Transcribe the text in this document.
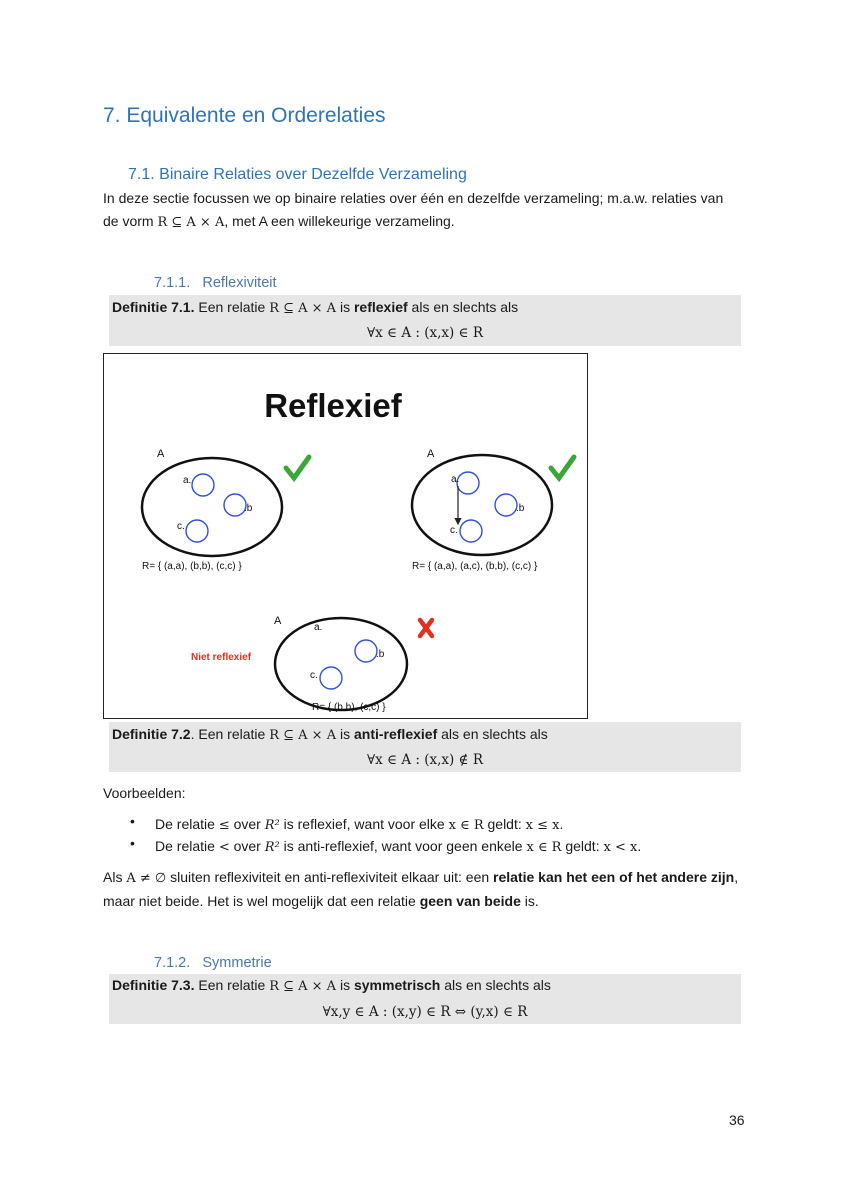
7. Equivalente en Orderelaties
7.1. Binaire Relaties over Dezelfde Verzameling
In deze sectie focussen we op binaire relaties over één en dezelfde verzameling; m.a.w. relaties van
de vorm R ⊆ A × A, met A een willekeurige verzameling.
7.1.1. Reflexiviteit
Definitie 7.1. Een relatie R ⊆ A × A is reflexief als en slechts als
∀x ∈ A : (x,x) ∈ R
Reflexief
A
a.
.b
c.
R= { (a,a), (b,b), (c,c) }
A
a.
.b
c.
R= { (a,a), (a,c), (b,b), (c,c) }
A
Niet reflexief
a.
.b
c.
R= { (b,b), (c,c) }
Definitie 7.2. Een relatie R ⊆ A × A is anti-reflexief als en slechts als
∀x ∈ A : (x,x) ∉ R
Voorbeelden:
• De relatie ≤ over R² is reflexief, want voor elke x ∈ R geldt: x ≤ x.
• De relatie < over R² is anti-reflexief, want voor geen enkele x ∈ R geldt: x < x.
Als A ≠ ∅ sluiten reflexiviteit en anti-reflexiviteit elkaar uit: een relatie kan het een of het andere zijn,
maar niet beide. Het is wel mogelijk dat een relatie geen van beide is.
7.1.2. Symmetrie
Definitie 7.3. Een relatie R ⊆ A × A is symmetrisch als en slechts als
∀x,y ∈ A : (x,y) ∈ R ⇔ (y,x) ∈ R
36
